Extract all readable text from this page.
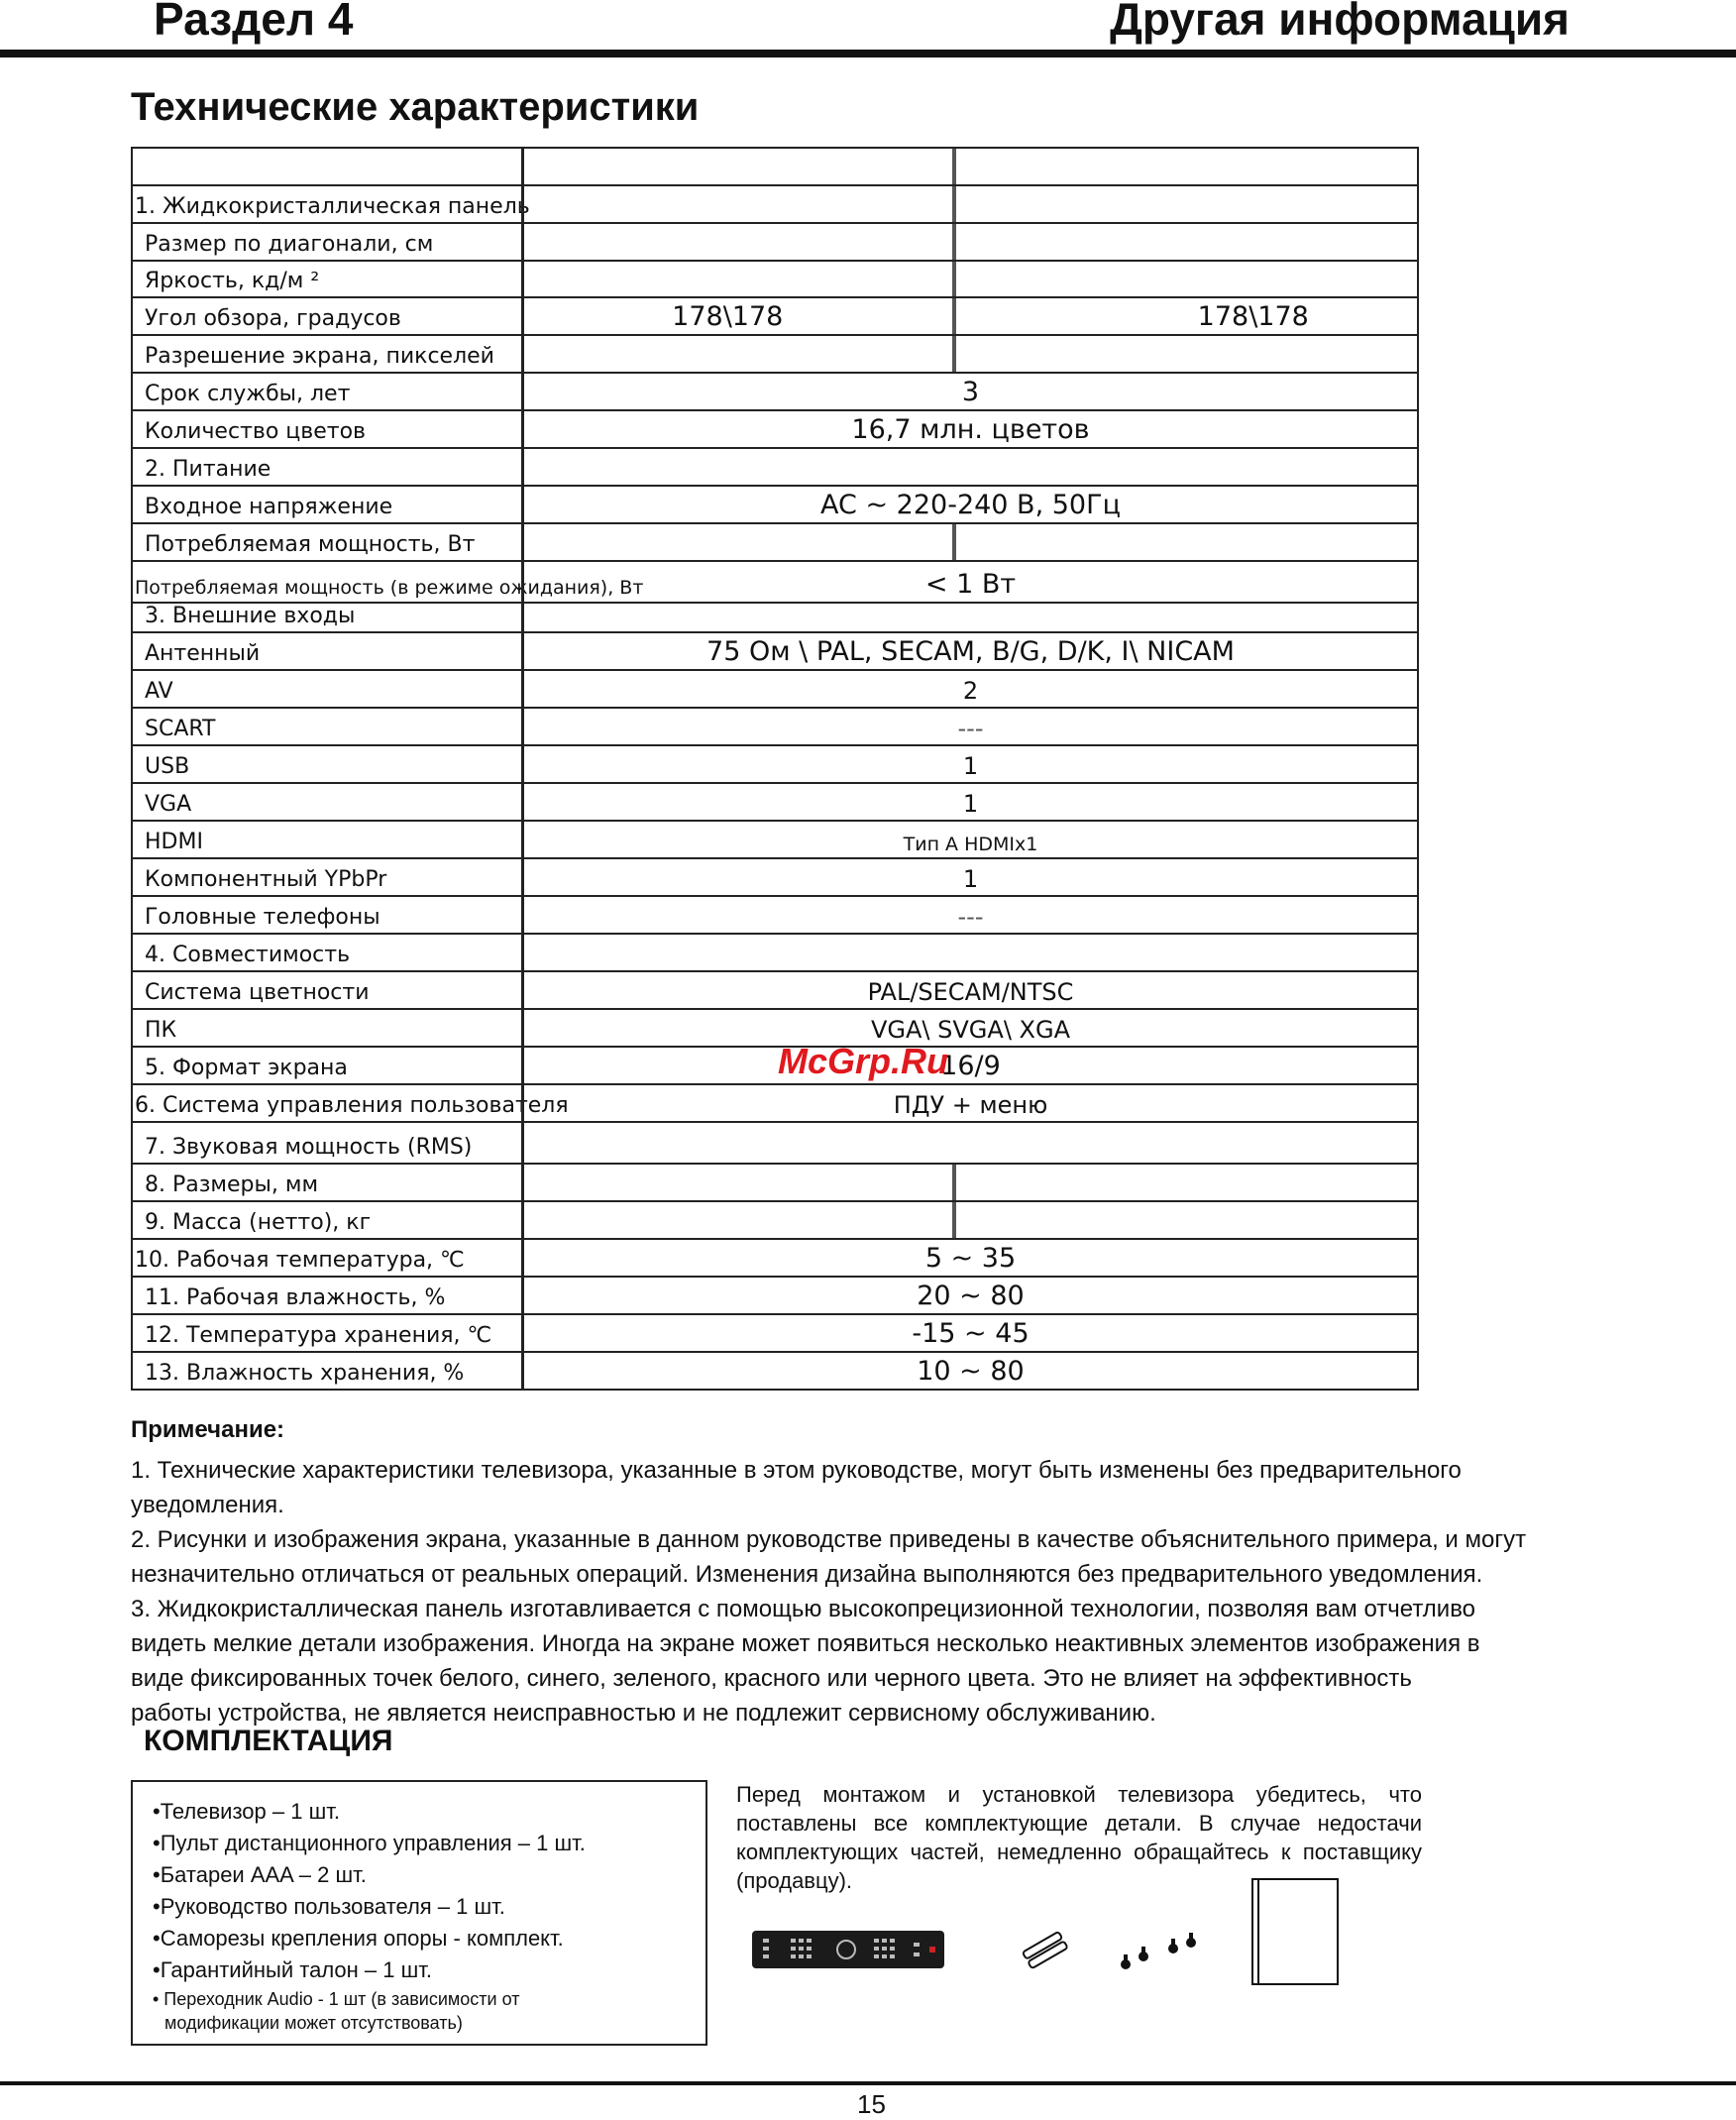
Раздел 4	Другая информация
Технические характеристики
1. Жидкокристаллическая панель
Размер по диагонали, см
Яркость, кд/м ²
Угол обзора, градусов	178\178	178\178
Разрешение экрана, пикселей
Срок службы, лет	3
Количество цветов	16,7 млн. цветов
2. Питание
Входное напряжение	AC ~ 220-240 В, 50Гц
Потребляемая мощность, Вт
Потребляемая мощность (в режиме ожидания), Вт	< 1 Вт
3. Внешние входы
Антенный	75 Ом \ PAL, SECAM, B/G, D/K, I\ NICAM
AV	2
SCART	---
USB	1
VGA	1
HDMI	Тип A HDMIx1
Компонентный YPbPr	1
Головные телефоны	---
4. Совместимость
Система цветности	PAL/SECAM/NTSC
ПК	VGA\ SVGA\ XGA
5. Формат экрана	16/9
6. Система управления пользователя	ПДУ + меню
7. Звуковая мощность (RMS)
8. Размеры, мм
9. Масса (нетто), кг
10. Рабочая температура, ℃	5 ~ 35
11. Рабочая влажность, %	20 ~ 80
12. Температура хранения, ℃	-15 ~ 45
13. Влажность хранения, %	10 ~ 80
McGrp.Ru
Примечание:

1. Технические характеристики телевизора, указанные в этом руководстве, могут быть изменены без предварительного уведомления.

2. Рисунки и изображения экрана, указанные в данном руководстве приведены в качестве объяснительного примера, и могут

незначительно отличаться от реальных операций. Изменения дизайна выполняются без предварительного уведомления.

3. Жидкокристаллическая панель изготавливается с помощью высокопрецизионной технологии, позволяя вам отчетливо

видеть мелкие детали изображения. Иногда на экране может появиться несколько неактивных элементов изображения в

виде фиксированных точек белого, синего, зеленого, красного или черного цвета. Это не влияет на эффективность

работы устройства, не является неисправностью и не подлежит сервисному обслуживанию.

КОМПЛЕКТАЦИЯ
•Телевизор – 1 шт.
•Пульт дистанционного управления – 1 шт.
•Батареи AAA – 2 шт.
•Руководство пользователя – 1 шт.
•Саморезы крепления опоры - комплект.
•Гарантийный талон – 1 шт.
• Переходник Audio - 1 шт (в зависимости от
модификации может отсутствовать)
Перед монтажом и установкой телевизора убедитесь, что поставлены все комплектующие детали. В случае недостачи комплектующих частей, немедленно обращайтесь к поставщику (продавцу).
15
